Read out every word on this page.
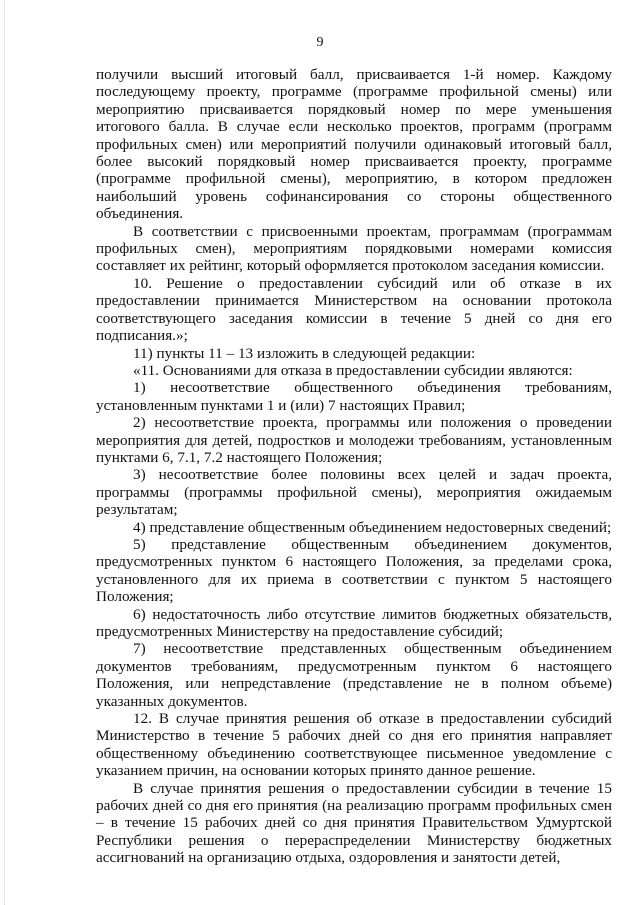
9

получили высший итоговый балл, присваивается 1-й номер. Каждому последующему проекту, программе (программе профильной смены) или мероприятию присваивается порядковый номер по мере уменьшения итогового балла. В случае если несколько проектов, программ (программ профильных смен) или мероприятий получили одинаковый итоговый балл, более высокий порядковый номер присваивается проекту, программе (программе профильной смены), мероприятию, в котором предложен наибольший уровень софинансирования со стороны общественного объединения.

В соответствии с присвоенными проектам, программам (программам профильных смен), мероприятиям порядковыми номерами комиссия составляет их рейтинг, который оформляется протоколом заседания комиссии.

10. Решение о предоставлении субсидий или об отказе в их предоставлении принимается Министерством на основании протокола соответствующего заседания комиссии в течение 5 дней со дня его подписания.»;

11) пункты 11 – 13 изложить в следующей редакции:

«11. Основаниями для отказа в предоставлении субсидии являются:

1) несоответствие общественного объединения требованиям, установленным пунктами 1 и (или) 7 настоящих Правил;

2) несоответствие проекта, программы или положения о проведении мероприятия для детей, подростков и молодежи требованиям, установленным пунктами 6, 7.1, 7.2 настоящего Положения;

3) несоответствие более половины всех целей и задач проекта, программы (программы профильной смены), мероприятия ожидаемым результатам;

4) представление общественным объединением недостоверных сведений;

5) представление общественным объединением документов, предусмотренных пунктом 6 настоящего Положения, за пределами срока, установленного для их приема в соответствии с пунктом 5 настоящего Положения;

6) недостаточность либо отсутствие лимитов бюджетных обязательств, предусмотренных Министерству на предоставление субсидий;

7) несоответствие представленных общественным объединением документов требованиям, предусмотренным пунктом 6 настоящего Положения, или непредставление (представление не в полном объеме) указанных документов.

12. В случае принятия решения об отказе в предоставлении субсидий Министерство в течение 5 рабочих дней со дня его принятия направляет общественному объединению соответствующее письменное уведомление с указанием причин, на основании которых принято данное решение.

В случае принятия решения о предоставлении субсидии в течение 15 рабочих дней со дня его принятия (на реализацию программ профильных смен – в течение 15 рабочих дней со дня принятия Правительством Удмуртской Республики решения о перераспределении Министерству бюджетных ассигнований на организацию отдыха, оздоровления и занятости детей,
